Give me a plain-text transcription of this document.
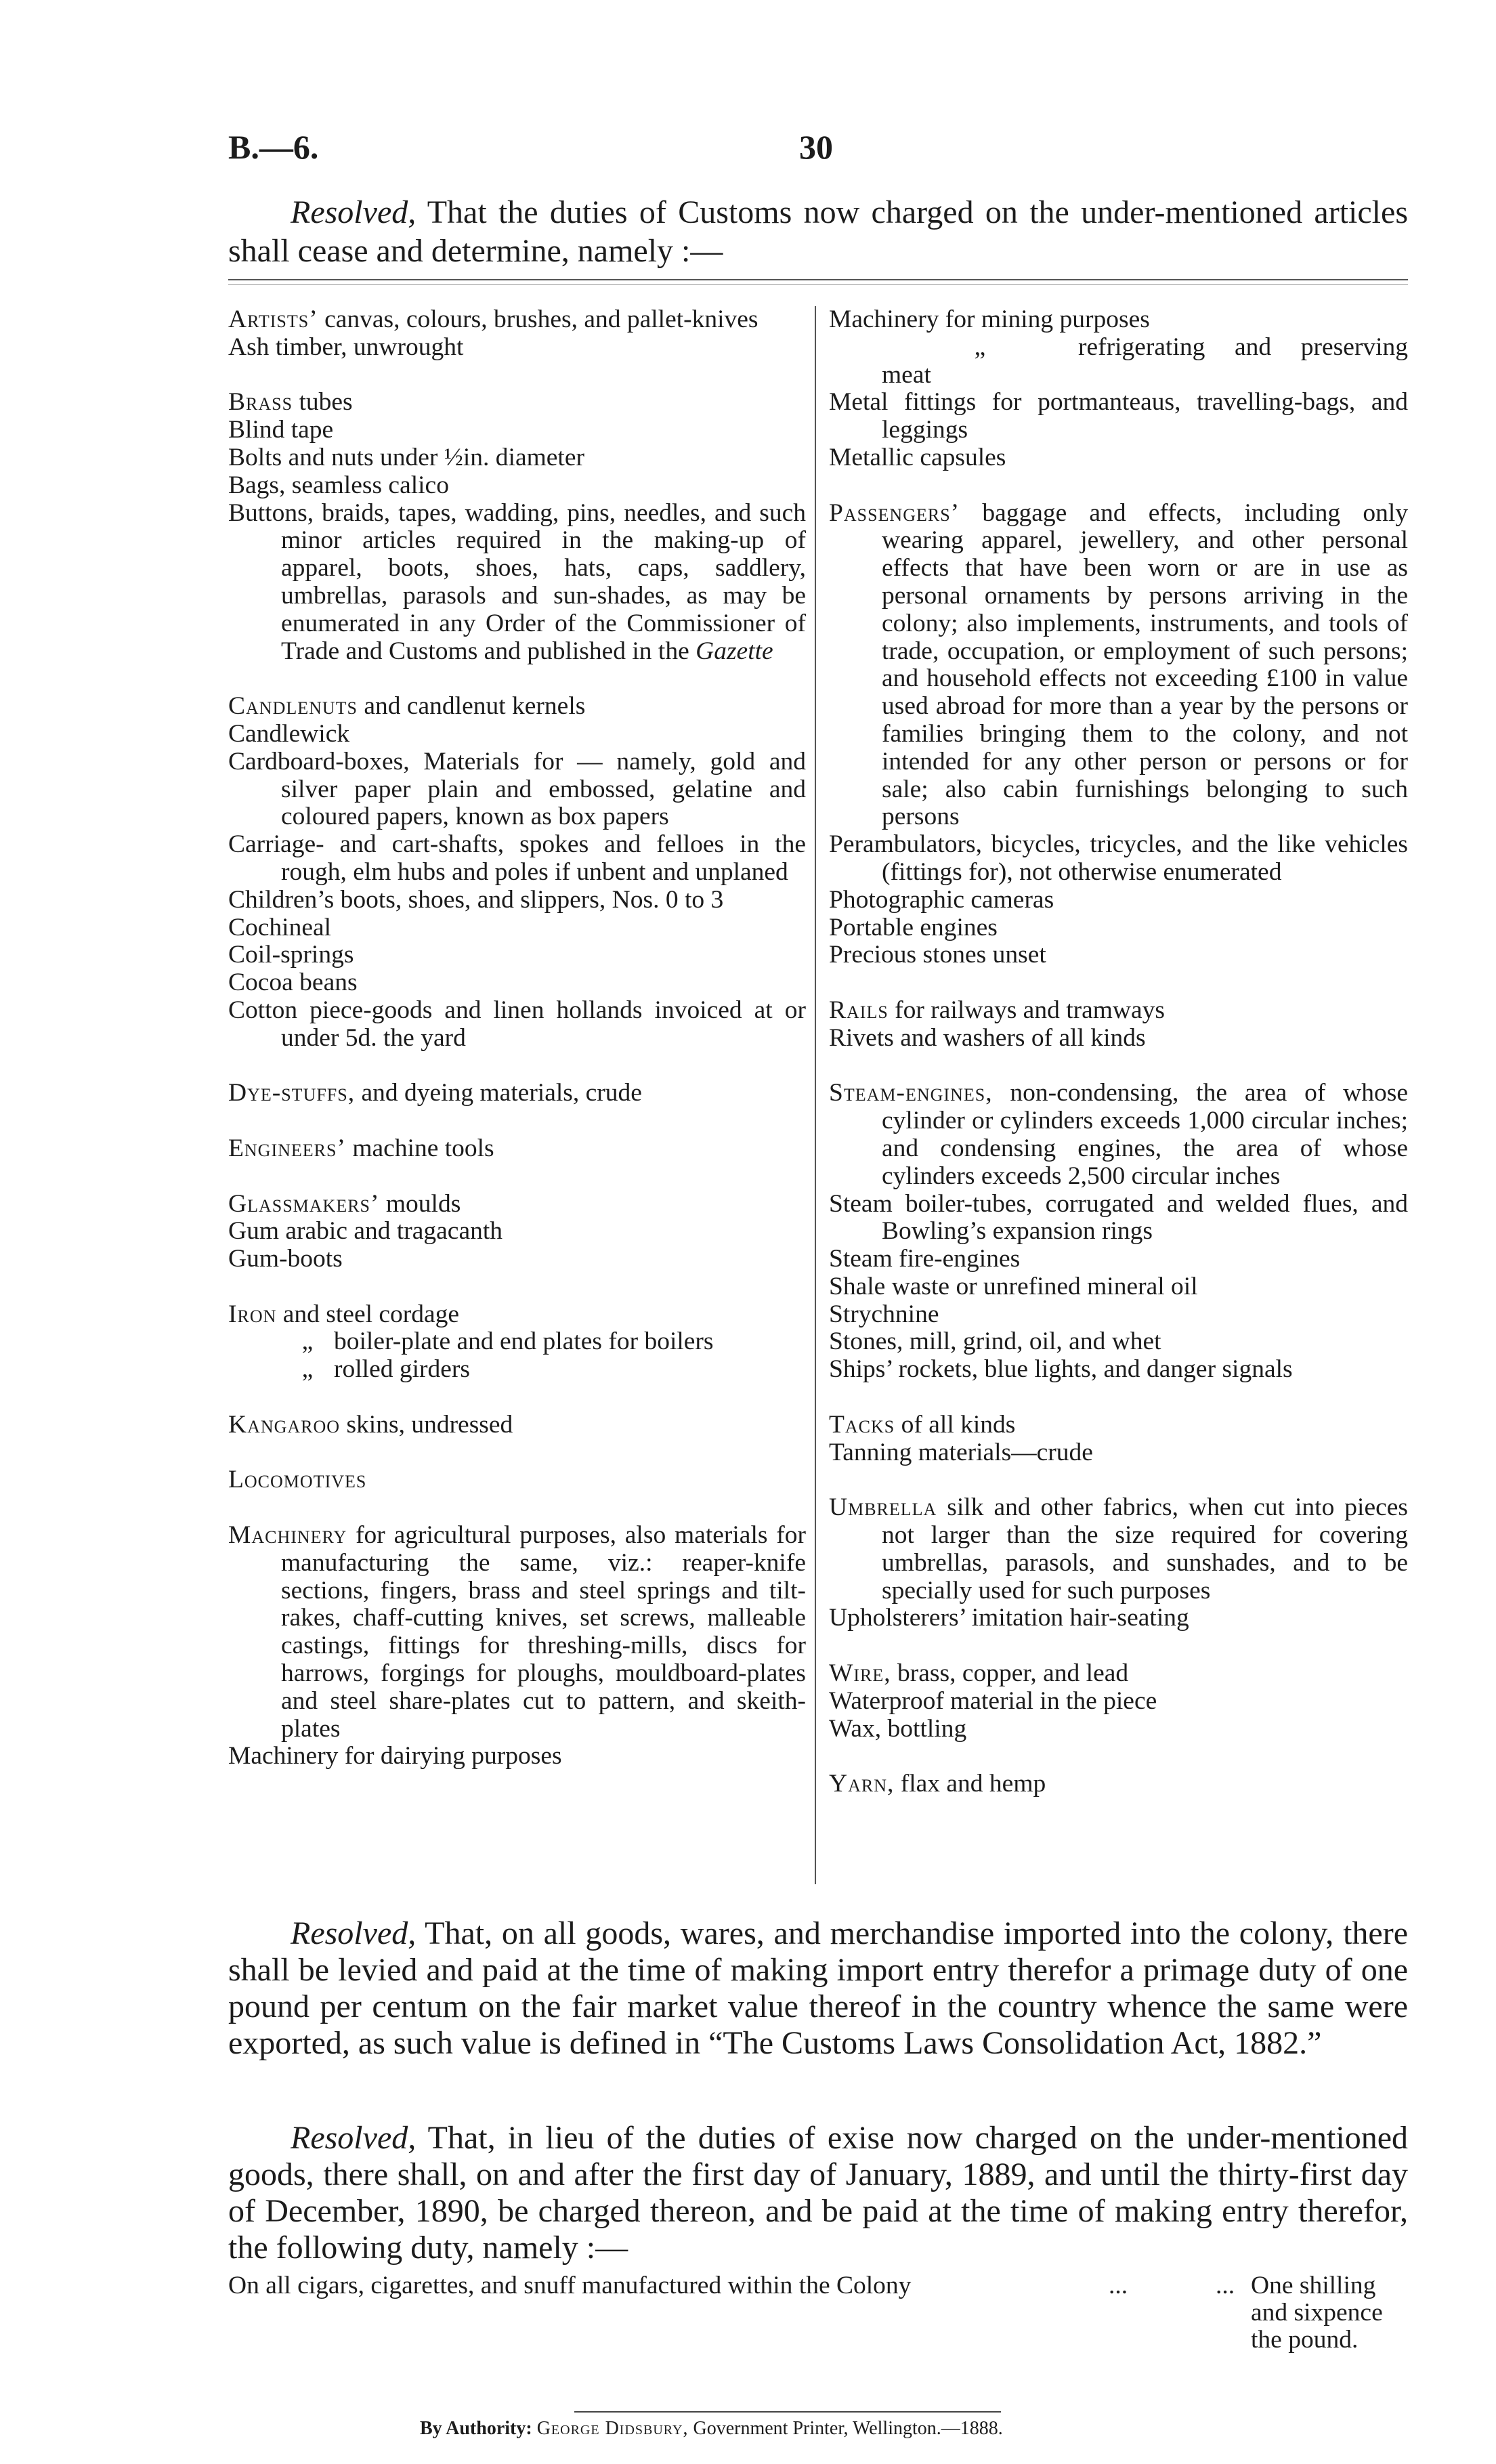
B.—6.	30

Resolved, That the duties of Customs now charged on the under-mentioned articles shall cease and determine, namely :—

Artists’ canvas, colours, brushes, and pallet-knives

Ash timber, unwrought

Brass tubes

Blind tape

Bolts and nuts under ½in. diameter

Bags, seamless calico

Buttons, braids, tapes, wadding, pins, needles, and such minor articles required in the making-up of apparel, boots, shoes, hats, caps, saddlery, umbrellas, parasols and sun-shades, as may be enumerated in any Order of the Commissioner of Trade and Customs and published in the Gazette

Candlenuts and candlenut kernels

Candlewick

Cardboard-boxes, Materials for — namely, gold and silver paper plain and embossed, gelatine and coloured papers, known as box papers

Carriage- and cart-shafts, spokes and felloes in the rough, elm hubs and poles if unbent and unplaned

Children’s boots, shoes, and slippers, Nos. 0 to 3

Cochineal

Coil-springs

Cocoa beans

Cotton piece-goods and linen hollands invoiced at or under 5d. the yard

Dye-stuffs, and dyeing materials, crude

Engineers’ machine tools

Glassmakers’ moulds

Gum arabic and tragacanth

Gum-boots

Iron and steel cordage

„ boiler-plate and end plates for boilers

„ rolled girders

Kangaroo skins, undressed

Locomotives

Machinery for agricultural purposes, also materials for manufacturing the same, viz.: reaper-knife sections, fingers, brass and steel springs and tilt-rakes, chaff-cutting knives, set screws, malleable castings, fittings for threshing-mills, discs for harrows, forgings for ploughs, mouldboard-plates and steel share-plates cut to pattern, and skeith-plates

Machinery for dairying purposes

Machinery for mining purposes

„	refrigerating and preserving meat

Metal fittings for portmanteaus, travelling-bags, and leggings

Metallic capsules

Passengers’ baggage and effects, including only wearing apparel, jewellery, and other personal effects that have been worn or are in use as personal ornaments by persons arriving in the colony; also implements, instruments, and tools of trade, occupation, or employment of such persons; and household effects not exceeding £100 in value used abroad for more than a year by the persons or families bringing them to the colony, and not intended for any other person or persons or for sale; also cabin furnishings belonging to such persons

Perambulators, bicycles, tricycles, and the like vehicles (fittings for), not otherwise enumerated

Photographic cameras

Portable engines

Precious stones unset

Rails for railways and tramways

Rivets and washers of all kinds

Steam-engines, non-condensing, the area of whose cylinder or cylinders exceeds 1,000 circular inches; and condensing engines, the area of whose cylinders exceeds 2,500 circular inches

Steam boiler-tubes, corrugated and welded flues, and Bowling’s expansion rings

Steam fire-engines

Shale waste or unrefined mineral oil

Strychnine

Stones, mill, grind, oil, and whet

Ships’ rockets, blue lights, and danger signals

Tacks of all kinds

Tanning materials—crude

Umbrella silk and other fabrics, when cut into pieces not larger than the size required for covering umbrellas, parasols, and sunshades, and to be specially used for such purposes

Upholsterers’ imitation hair-seating

Wire, brass, copper, and lead

Waterproof material in the piece

Wax, bottling

Yarn, flax and hemp

Resolved, That, on all goods, wares, and merchandise imported into the colony, there shall be levied and paid at the time of making import entry therefor a primage duty of one pound per centum on the fair market value thereof in the country whence the same were exported, as such value is defined in “The Customs Laws Consolidation Act, 1882.”

Resolved, That, in lieu of the duties of exise now charged on the under-mentioned goods, there shall, on and after the first day of January, 1889, and until the thirty-first day of December, 1890, be charged thereon, and be paid at the time of making entry therefor, the following duty, namely :—

On all cigars, cigarettes, and snuff manufactured within the Colony	...	... One shilling
and sixpence
the pound.
By Authority: George Didsbury, Government Printer, Wellington.—1888.
